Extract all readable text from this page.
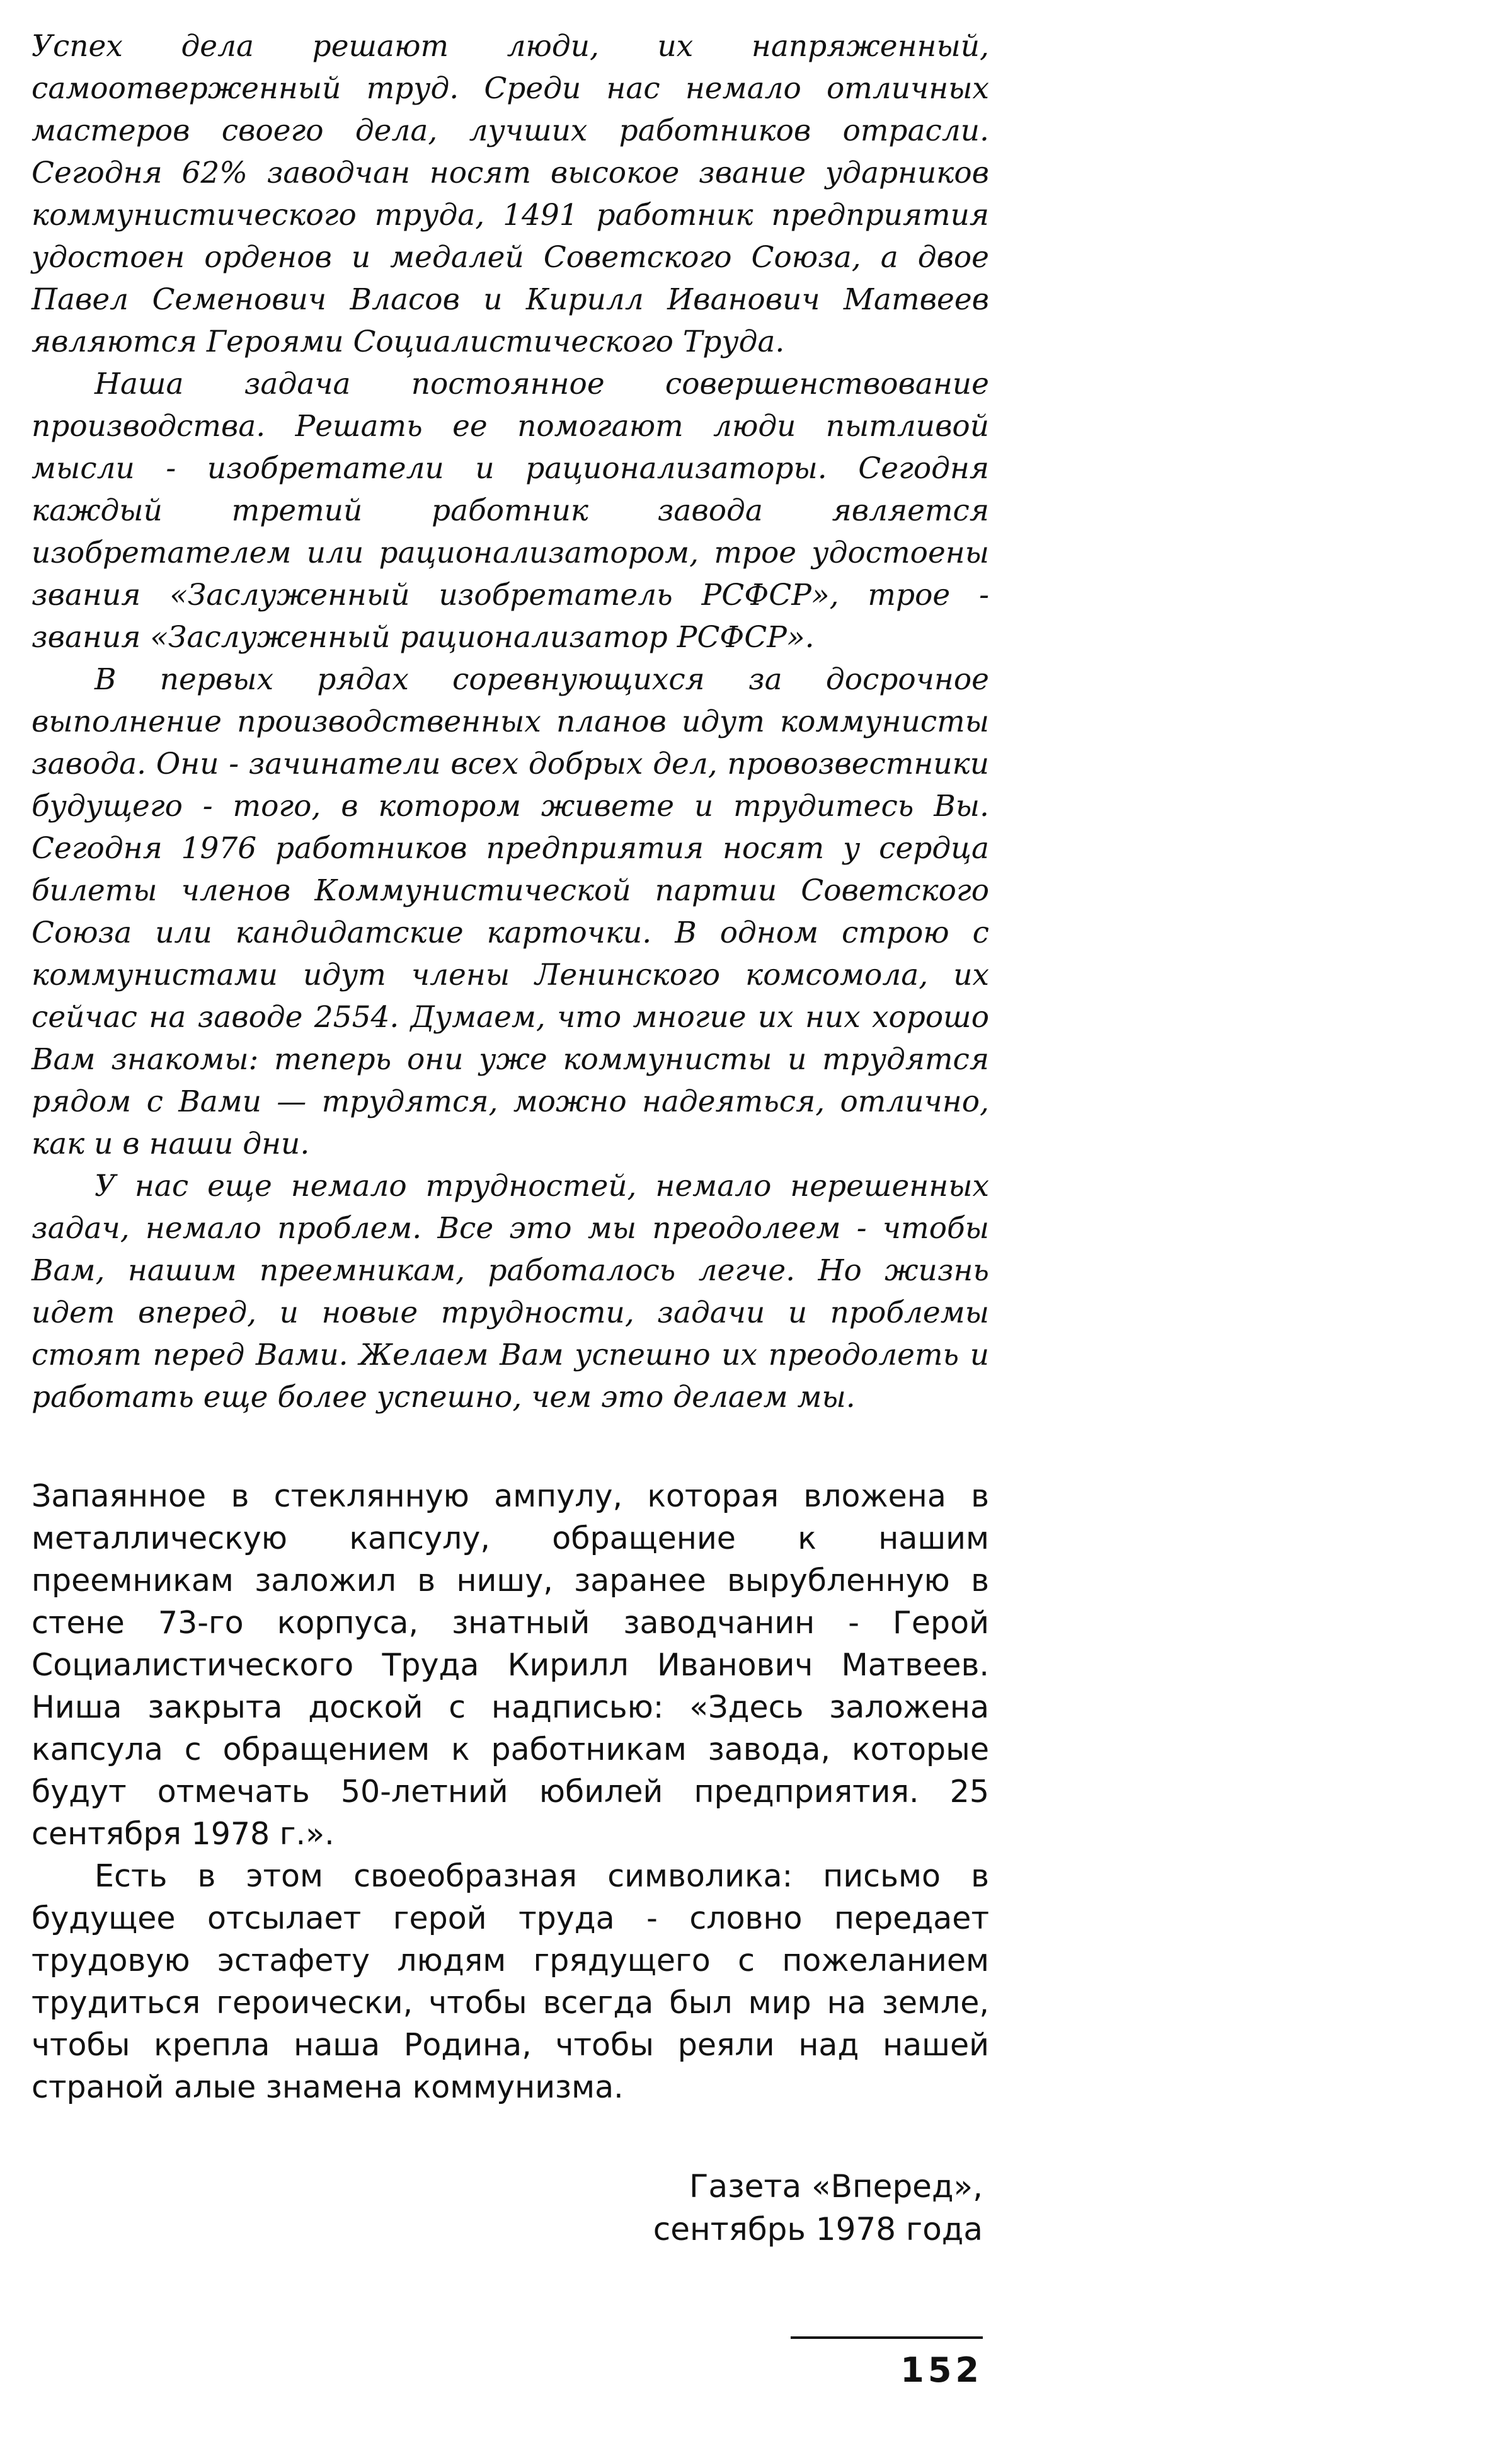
Успех дела решают люди, их напряженный, самоотверженный труд. Среди нас немало отличных мастеров своего дела, лучших работников отрасли. Сегодня 62% заводчан носят высокое звание ударников коммунистического труда, 1491 работник предприятия удостоен орденов и медалей Советского Союза, а двое Павел Семенович Власов и Кирилл Иванович Матвеев являются Героями Социалистического Труда.

Наша задача постоянное совершенствование производства. Решать ее помогают люди пытливой мысли - изобретатели и рационализаторы. Сегодня каждый третий работник завода является изобретателем или рационализатором, трое удостоены звания «Заслуженный изобретатель РСФСР», трое - звания «Заслуженный рационализатор РСФСР».

В первых рядах соревнующихся за досрочное выполнение производственных планов идут коммунисты завода. Они - зачинатели всех добрых дел, провозвестники будущего - того, в котором живете и трудитесь Вы. Сегодня 1976 работников предприятия носят у сердца билеты членов Коммунистической партии Советского Союза или кандидатские карточки. В одном строю с коммунистами идут члены Ленинского комсомола, их сейчас на заводе 2554. Думаем, что многие их них хорошо Вам знакомы: теперь они уже коммунисты и трудятся рядом с Вами — трудятся, можно надеяться, отлично, как и в наши дни.

У нас еще немало трудностей, немало нерешенных задач, немало проблем. Все это мы преодолеем - чтобы Вам, нашим преемникам, работалось легче. Но жизнь идет вперед, и новые трудности, задачи и проблемы стоят перед Вами. Желаем Вам успешно их преодолеть и работать еще более успешно, чем это делаем мы.

Запаянное в стеклянную ампулу, которая вложена в металлическую капсулу, обращение к нашим преемникам заложил в нишу, заранее вырубленную в стене 73-го корпуса, знатный заводчанин - Герой Социалистического Труда Кирилл Иванович Матвеев. Ниша закрыта доской с надписью: «Здесь заложена капсула с обращением к работникам завода, которые будут отмечать 50-летний юбилей предприятия. 25 сентября 1978 г.».

Есть в этом своеобразная символика: письмо в будущее отсылает герой труда - словно передает трудовую эстафету людям грядущего с пожеланием трудиться героически, чтобы всегда был мир на земле, чтобы крепла наша Родина, чтобы реяли над нашей страной алые знамена коммунизма.

Газета «Вперед»,
сентябрь 1978 года
152
